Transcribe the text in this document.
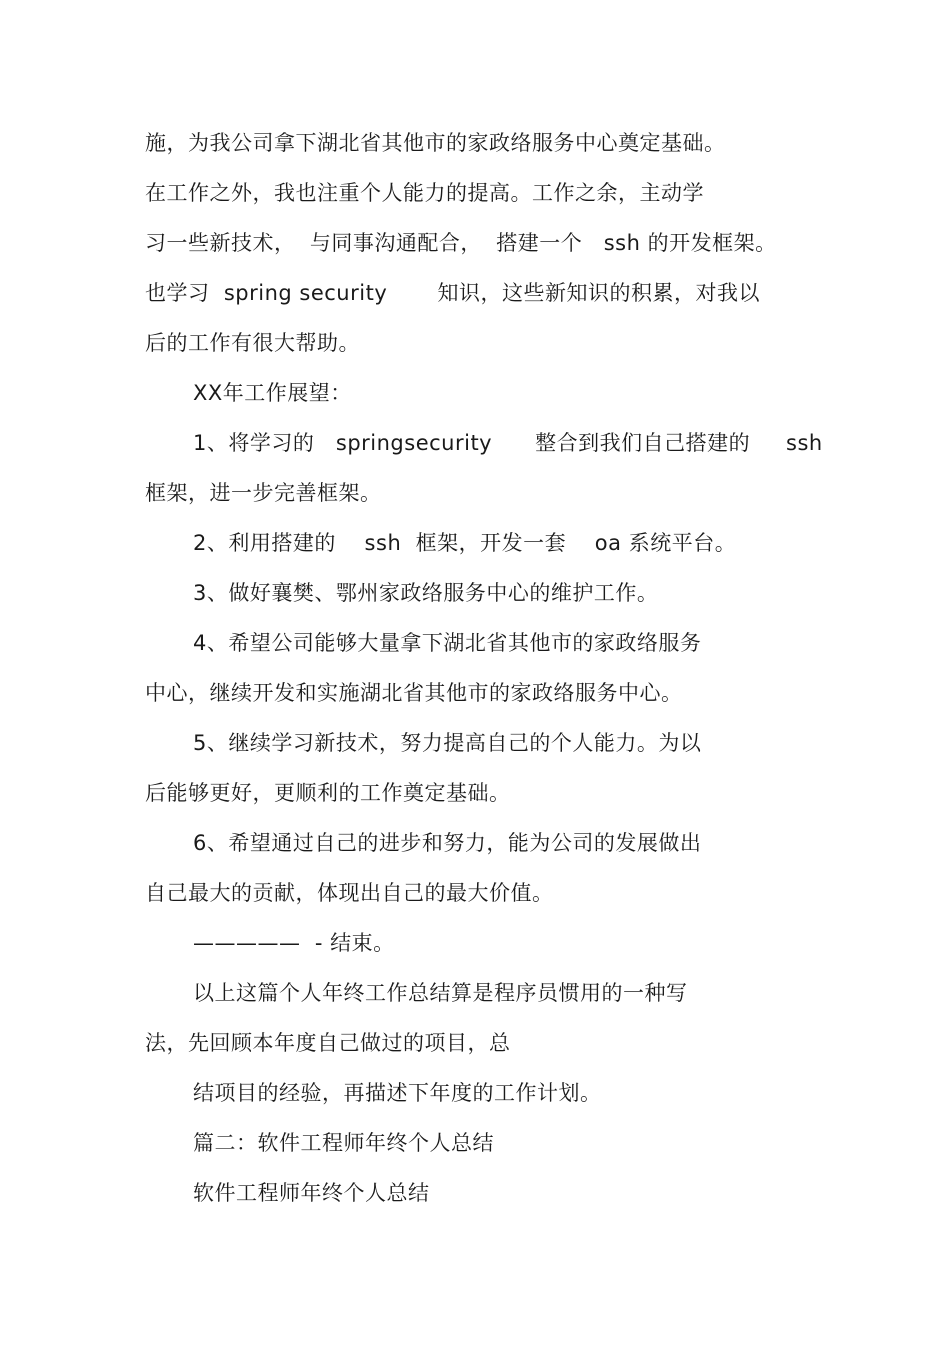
施，为我公司拿下湖北省其他市的家政络服务中心奠定基础。
在工作之外，我也注重个人能力的提高。工作之余，主动学
习一些新技术，  与同事沟通配合，  搭建一个   ssh 的开发框架。
也学习  spring security       知识，这些新知识的积累，对我以
后的工作有很大帮助。
XX年工作展望：
1、将学习的   springsecurity      整合到我们自己搭建的     ssh
框架，进一步完善框架。
2、利用搭建的    ssh  框架，开发一套    oa 系统平台。
3、做好襄樊、鄂州家政络服务中心的维护工作。
4、希望公司能够大量拿下湖北省其他市的家政络服务
中心，继续开发和实施湖北省其他市的家政络服务中心。
5、继续学习新技术，努力提高自己的个人能力。为以
后能够更好，更顺利的工作奠定基础。
6、希望通过自己的进步和努力，能为公司的发展做出
自己最大的贡献，体现出自己的最大价值。
—————  - 结束。
以上这篇个人年终工作总结算是程序员惯用的一种写
法，先回顾本年度自己做过的项目，总
结项目的经验，再描述下年度的工作计划。
篇二：软件工程师年终个人总结
软件工程师年终个人总结
